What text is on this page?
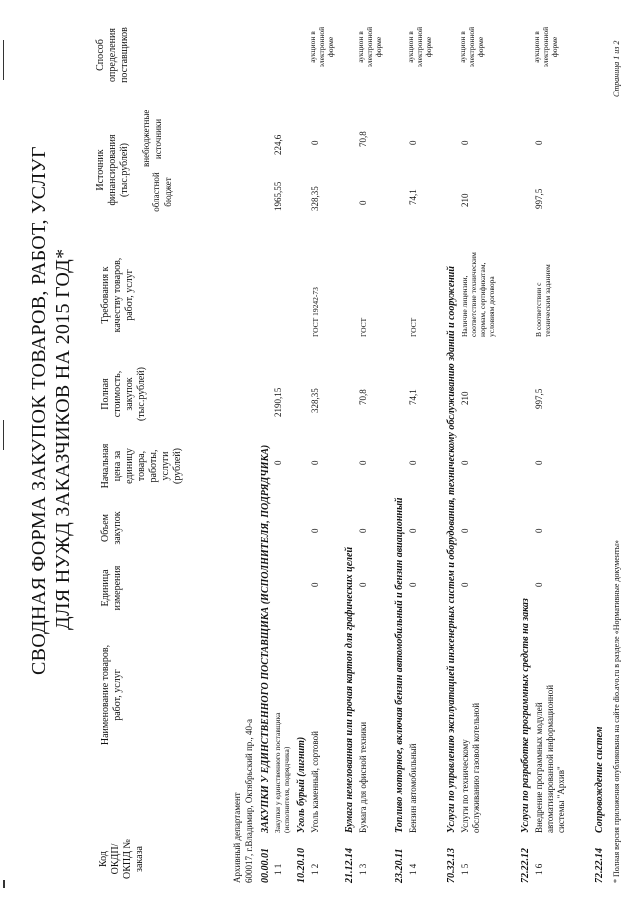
СВОДНАЯ ФОРМА ЗАКУПОК ТОВАРОВ, РАБОТ, УСЛУГ ДЛЯ НУЖД ЗАКАЗЧИКОВ НА 2015 ГОД*
Код ОКДП/ ОКПД № заказа
Наименование товаров, работ, услуг
Единица измерения
Объем закупок
Начальная цена за единицу товара, работы, услуги (рублей)
Полная стоимость, закупок (тыс.рублей)
Требования к качеству товаров, работ, услуг
Источник финансирования (тыс.рублей) областной бюджет
внебюджетные источники
Способ определения поставщиков
Архивный департамент 600017, г.Владимир, Октябрьский пр., 40-а 00.00.01
ЗАКУПКИ У ЕДИНСТВЕННОГО ПОСТАВЩИКА (ИСПОЛНИТЕЛЯ, ПОДРЯДЧИКА)
1 1
Закупки у единственного поставщика (исполнителя, подрядчика)
0
2190,15
1965,55
224,6
10.20.10
Уголь бурый (лигнит)
1 2
Уголь каменный, сортовой
0
0
0
328,35
ГОСТ 19242-73
328,35
0
аукцион в электронной форме
21.12.14
Бумага немелованная или прочая картон для графических целей
1 3
Бумага для офисной техники
0
0
0
70,8
ГОСТ
0
70,8
аукцион в электронной форме
23.20.11
Топливо моторное, включая бензин автомобильный и бензин авиационный
1 4
Бензин автомобильный
0
0
0
74,1
ГОСТ
74,1
0
аукцион в электронной форме
70.32.13
Услуги по управлению эксплуатацией инженерных систем и оборудования, техническому обслуживанию зданий и сооружений
1 5
Услуги по техническому обслуживанию газовой котельной
0
0
0
210
Наличие лицензии, соответствие техническим нормам, сертификатам, условиям договора
210
0
аукцион в электронной форме
72.22.12
Услуги по разработке программных средств на заказ
1 6
Внедрение программных модулей автоматизированной информационной системы "Архив"
0
0
0
997,5
В соответствии с техническим заданием
997,5
0
аукцион в электронной форме
72.22.14
Сопровождение систем * Полная версия приложения опубликована на сайте dio.avo.ru в разделе «Нормативные документы»
Страница 1 из 2
